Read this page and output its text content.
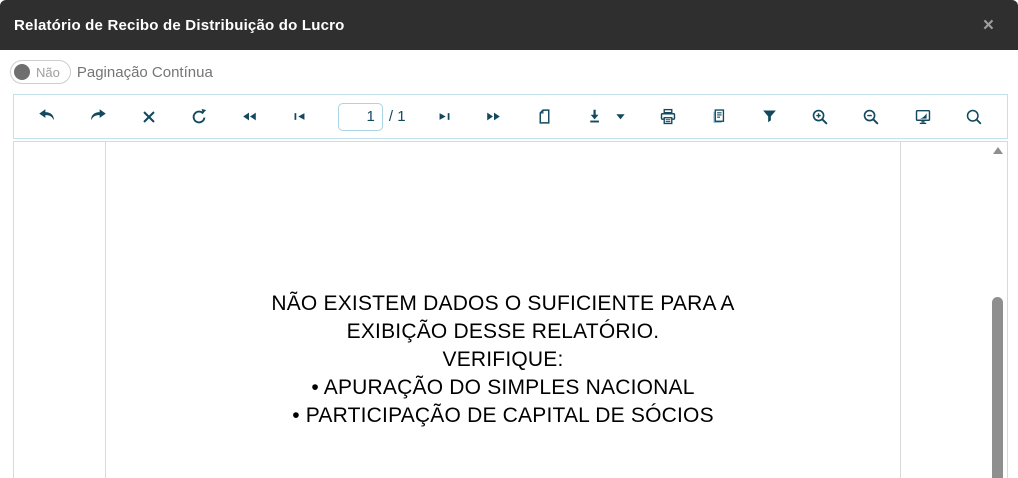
Relatório de Recibo de Distribuição do Lucro	×
Não Paginação Contínua
1
/ 1
NÃO EXISTEM DADOS O SUFICIENTE PARA A
EXIBIÇÃO DESSE RELATÓRIO.
VERIFIQUE:
• APURAÇÃO DO SIMPLES NACIONAL
• PARTICIPAÇÃO DE CAPITAL DE SÓCIOS
